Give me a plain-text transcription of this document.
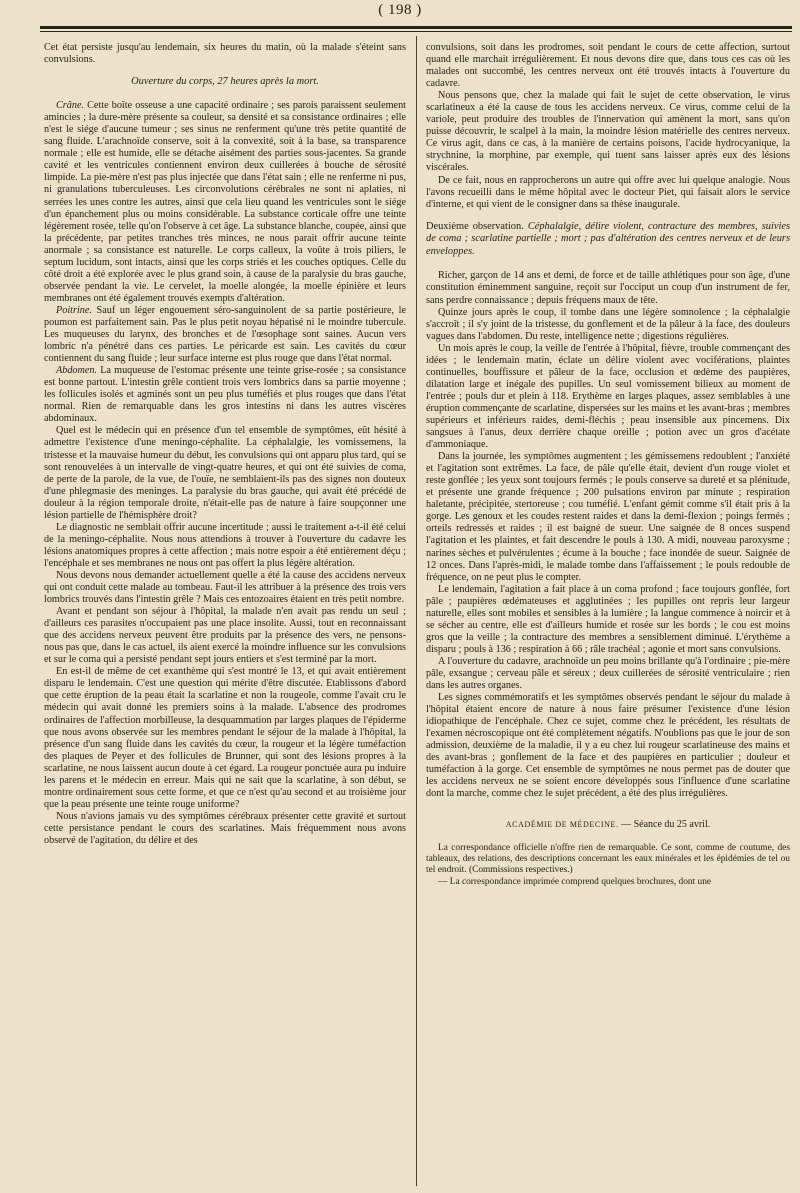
( 198 )

Cet état persiste jusqu'au lendemain, six heures du matin, où la malade s'éteint sans convulsions.

Ouverture du corps, 27 heures après la mort.

Crâne. Cette boîte osseuse a une capacité ordinaire ; ses parois paraissent seulement amincies ; la dure-mère présente sa couleur, sa densité et sa consistance ordinaires ; elle n'est le siége d'aucune tumeur ; ses sinus ne renferment qu'une très petite quantité de sang fluide. L'arachnoïde conserve, soit à la convexité, soit à la base, sa transparence normale ; elle est humide, elle se détache aisément des parties sous-jacentes. Sa grande cavité et les ventricules contiennent environ deux cuillerées à bouche de sérosité limpide. La pie-mère n'est pas plus injectée que dans l'état sain ; elle ne renferme ni pus, ni granulations tuberculeuses. Les circonvolutions cérébrales ne sont ni aplaties, ni serrées les unes contre les autres, ainsi que cela lieu quand les ventricules sont le siége d'un épanchement plus ou moins considérable. La substance corticale offre une teinte légèrement rosée, telle qu'on l'observe à cet âge. La substance blanche, coupée, ainsi que la précédente, par petites tranches très minces, ne nous parait offrir aucune teinte anormale ; sa consistance est naturelle. Le corps calleux, la voûte à trois piliers, le septum lucidum, sont intacts, ainsi que les corps striés et les couches optiques. Celle du côté droit a été explorée avec le plus grand soin, à cause de la paralysie du bras gauche, observée pendant la vie. Le cervelet, la moelle alongée, la moelle épinière et leurs membranes ont été également trouvés exempts d'altération.

Poitrine. Sauf un léger engouement séro-sanguinolent de sa partie postérieure, le poumon est parfaitement sain. Pas le plus petit noyau hépatisé ni le moindre tubercule. Les muqueuses du larynx, des bronches et de l'œsophage sont saines. Aucun vers lombric n'a pénétré dans ces parties. Le péricarde est sain. Les cavités du cœur contiennent du sang fluide ; leur surface interne est plus rouge que dans l'état normal.

Abdomen. La muqueuse de l'estomac présente une teinte grise-rosée ; sa consistance est bonne partout. L'intestin grêle contient trois vers lombrics dans sa partie moyenne ; les follicules isolés et agminés sont un peu plus tuméfiés et plus rouges que dans l'état normal. Rien de remarquable dans les gros intestins ni dans les autres viscères abdominaux.

Quel est le médecin qui en présence d'un tel ensemble de symptômes, eût hésité à admettre l'existence d'une meningo-céphalite. La céphalalgie, les vomissemens, la tristesse et la mauvaise humeur du début, les convulsions qui ont apparu plus tard, qui se sont renouvelées à un intervalle de vingt-quatre heures, et qui ont été suivies de coma, de perte de la parole, de la vue, de l'ouïe, ne semblaient-ils pas des signes non douteux d'une phlegmasie des meninges. La paralysie du bras gauche, qui avait été précédé de douleur à la région temporale droite, n'était-elle pas de nature à faire soupçonner une lésion partielle de l'hémisphère droit?

Le diagnostic ne semblait offrir aucune incertitude ; aussi le traitement a-t-il été celui de la meningo-céphalite. Nous nous attendions à trouver à l'ouverture du cadavre les lésions anatomiques propres à cette affection ; mais notre espoir a été entièrement déçu ; l'encéphale et ses membranes ne nous ont pas offert la plus légère altération.

Nous devons nous demander actuellement quelle a été la cause des accidens nerveux qui ont conduit cette malade au tombeau. Faut-il les attribuer à la présence des trois vers lombrics trouvés dans l'intestin grêle ? Mais ces entozoaires étaient en très petit nombre.

Avant et pendant son séjour à l'hôpital, la malade n'en avait pas rendu un seul ; d'ailleurs ces parasites n'occupaient pas une place insolite. Aussi, tout en reconnaissant que des accidens nerveux peuvent être produits par la présence des vers, ne pensons-nous pas que, dans le cas actuel, ils aient exercé la moindre influence sur les convulsions et sur le coma qui a persisté pendant sept jours entiers et s'est terminé par la mort.

En est-il de même de cet exanthème qui s'est montré le 13, et qui avait entièrement disparu le lendemain. C'est une question qui mérite d'être discutée. Etablissons d'abord que cette éruption de la peau était la scarlatine et non la rougeole, comme l'avait cru le médecin qui avait donné les premiers soins à la malade. L'absence des prodromes ordinaires de l'affection morbilleuse, la desquammation par larges plaques de l'épiderme que nous avons observée sur les membres pendant le séjour de la malade à l'hôpital, la présence d'un sang fluide dans les cavités du cœur, la rougeur et la légère tuméfaction des plaques de Peyer et des follicules de Brunner, qui sont des lésions propres à la scarlatine, ne nous laissent aucun doute à cet égard. La rougeur ponctuée aura pu induire les parens et le médecin en erreur. Mais qui ne sait que la scarlatine, à son début, se montre ordinairement sous cette forme, et que ce n'est qu'au second et au troisième jour que la peau présente une teinte rouge uniforme?

Nous n'avions jamais vu des symptômes cérébraux présenter cette gravité et surtout cette persistance pendant le cours des scarlatines. Mais fréquemment nous avons observé de l'agitation, du délire et des

convulsions, soit dans les prodromes, soit pendant le cours de cette affection, surtout quand elle marchait irrégulièrement. Et nous devons dire que, dans tous ces cas où les malades ont succombé, les centres nerveux ont été trouvés intacts à l'ouverture du cadavre.

Nous pensons que, chez la malade qui fait le sujet de cette observation, le virus scarlatineux a été la cause de tous les accidens nerveux. Ce virus, comme celui de la variole, peut produire des troubles de l'innervation qui amènent la mort, sans qu'on puisse découvrir, le scalpel à la main, la moindre lésion matérielle des centres nerveux. Ce virus agit, dans ce cas, à la manière de certains poisons, l'acide hydrocyanique, la strychnine, la morphine, par exemple, qui tuent sans laisser après eux des lésions viscérales.

De ce fait, nous en rapprocherons un autre qui offre avec lui quelque analogie. Nous l'avons recueilli dans le même hôpital avec le docteur Piet, qui faisait alors le service d'interne, et qui vient de le consigner dans sa thèse inaugurale.

Deuxième observation. Céphalalgie, délire violent, contracture des membres, suivies de coma ; scarlatine partielle ; mort ; pas d'altération des centres nerveux et de leurs enveloppes.

Richer, garçon de 14 ans et demi, de force et de taille athlétiques pour son âge, d'une constitution éminemment sanguine, reçoit sur l'occiput un coup d'un instrument de fer, sans perdre connaissance ; depuis fréquens maux de tête.

Quinze jours après le coup, il tombe dans une légère somnolence ; la céphalalgie s'accroît ; il s'y joint de la tristesse, du gonflement et de la pâleur à la face, des douleurs vagues dans l'abdomen. Du reste, intelligence nette ; digestions régulières.

Un mois après le coup, la veille de l'entrée à l'hôpital, fièvre, trouble commençant des idées ; le lendemain matin, éclate un délire violent avec vociférations, plaintes continuelles, bouffissure et pâleur de la face, occlusion et œdème des paupières, dilatation large et inégale des pupilles. Un seul vomissement bilieux au moment de l'entrée ; pouls dur et plein à 118. Erythème en larges plaques, assez semblables à une éruption commençante de scarlatine, dispersées sur les mains et les avant-bras ; membres supérieurs et inférieurs raides, demi-fléchis ; peau insensible aux pincemens. Dix sangsues à l'anus, deux derrière chaque oreille ; potion avec un gros d'acétate d'ammoniaque.

Dans la journée, les symptômes augmentent ; les gémissemens redoublent ; l'anxiété et l'agitation sont extrêmes. La face, de pâle qu'elle était, devient d'un rouge violet et reste gonflée ; les yeux sont toujours fermés ; le pouls conserve sa dureté et sa plénitude, et présente une grande fréquence ; 200 pulsations environ par minute ; respiration haletante, précipitée, stertoreuse ; cou tuméfié. L'enfant gémit comme s'il était pris à la gorge. Les genoux et les coudes restent raides et dans la demi-flexion ; poings fermés ; orteils redressés et raides ; il est baigné de sueur. Une saignée de 8 onces suspend l'agitation et les plaintes, et fait descendre le pouls à 130. A midi, nouveau paroxysme ; narines sèches et pulvérulentes ; écume à la bouche ; face inondée de sueur. Saignée de 12 onces. Dans l'après-midi, le malade tombe dans l'affaissement ; le pouls redouble de fréquence, on ne peut plus le compter.

Le lendemain, l'agitation a fait place à un coma profond ; face toujours gonflée, fort pâle ; paupières œdémateuses et agglutinées ; les pupilles ont repris leur largeur naturelle, elles sont mobiles et sensibles à la lumière ; la langue commence à noircir et à se sécher au centre, elle est d'ailleurs humide et rosée sur les bords ; le cou est moins gros que la veille ; la contracture des membres a sensiblement diminué. L'érythème a disparu ; pouls à 136 ; respiration à 66 ; râle trachéal ; agonie et mort sans convulsions.

A l'ouverture du cadavre, arachnoïde un peu moins brillante qu'à l'ordinaire ; pie-mère pâle, exsangue ; cerveau pâle et séreux ; deux cuillerées de sérosité ventriculaire ; rien dans les autres organes.

Les signes commémoratifs et les symptômes observés pendant le séjour du malade à l'hôpital étaient encore de nature à nous faire présumer l'existence d'une lésion idiopathique de l'encéphale. Chez ce sujet, comme chez le précédent, les résultats de l'examen nécroscopique ont été complètement négatifs. N'oublions pas que le jour de son admission, deuxième de la maladie, il y a eu chez lui rougeur scarlatineuse des mains et des avant-bras ; gonflement de la face et des paupières en particulier ; douleur et tuméfaction à la gorge. Cet ensemble de symptômes ne nous permet pas de douter que les accidens nerveux ne se soient encore développés sous l'influence d'une scarlatine dont la marche, comme chez le sujet précédent, a été des plus irrégulières.

ACADÉMIE DE MÉDECINE. — Séance du 25 avril.

La correspondance officielle n'offre rien de remarquable. Ce sont, comme de coutume, des tableaux, des relations, des descriptions concernant les eaux minérales et les épidémies de tel ou tel endroit. (Commissions respectives.)

— La correspondance imprimée comprend quelques brochures, dont une
